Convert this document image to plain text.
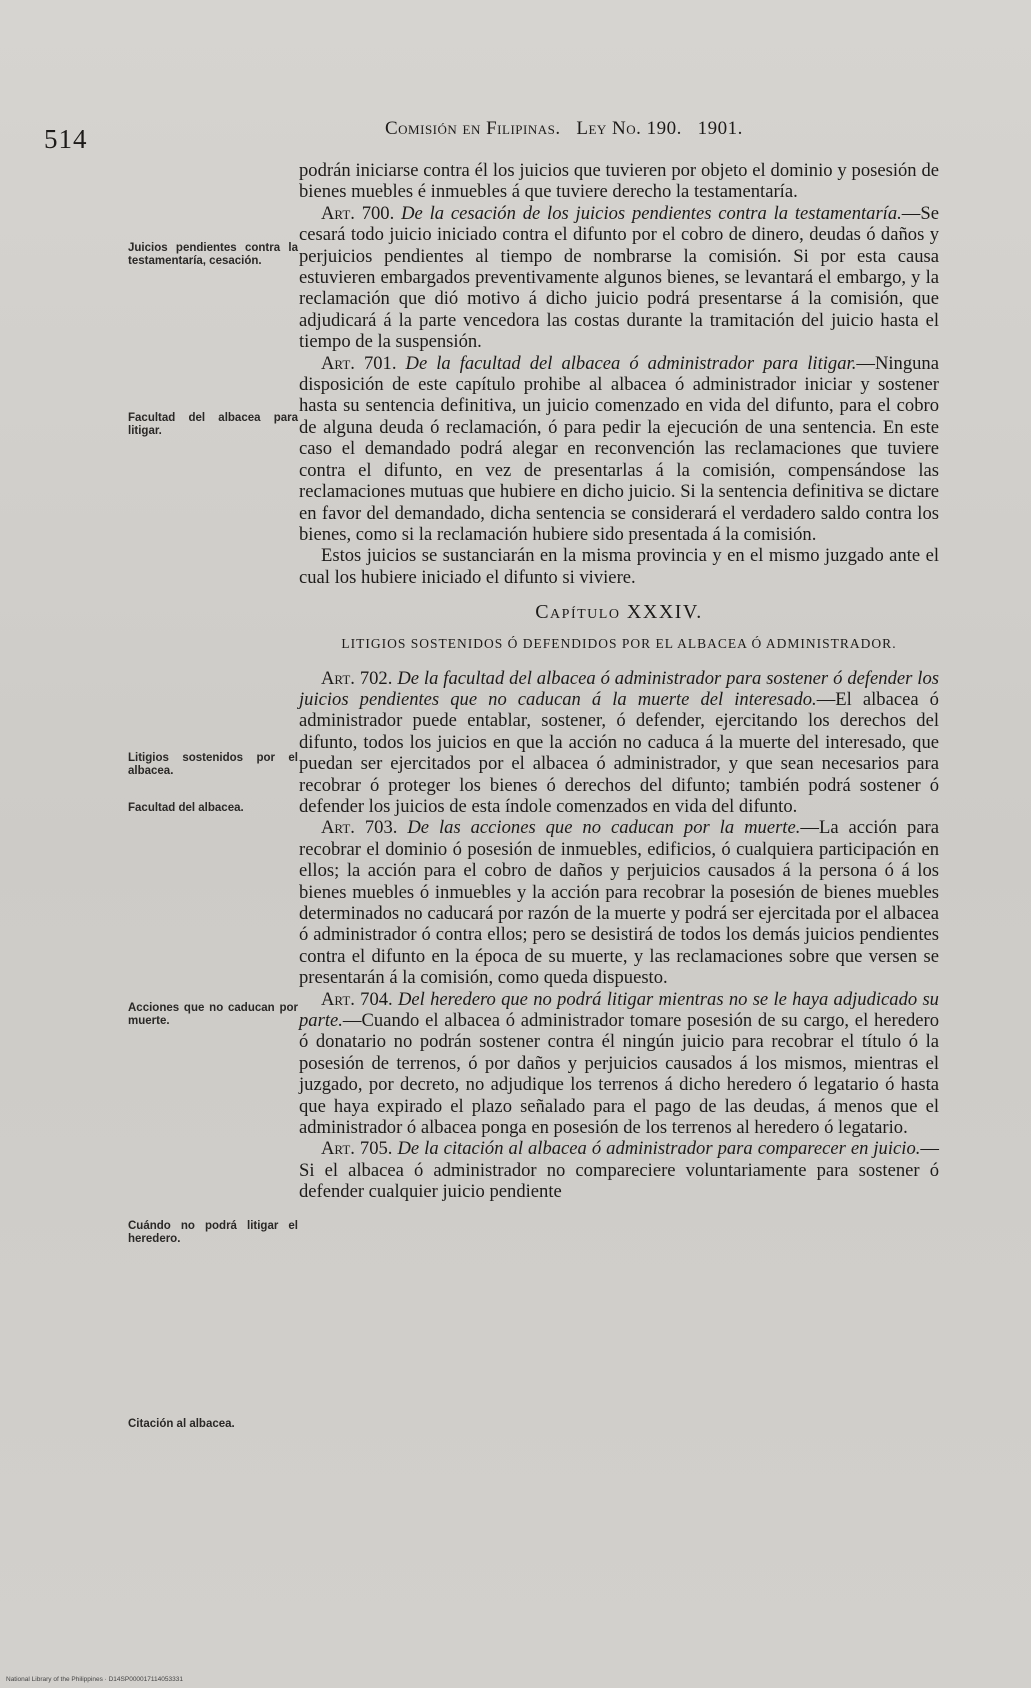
514	Comisión en Filipinas. Ley No. 190. 1901.
Juicios pendientes contra la testamentaría, cesación.
Facultad del albacea para litigar.
Litigios sostenidos por el albacea.
Facultad del albacea.
Acciones que no caducan por muerte.
Cuándo no podrá litigar el heredero.
Citación al albacea.

podrán iniciarse contra él los juicios que tuvieren por objeto el dominio y posesión de bienes muebles é inmuebles á que tuviere derecho la testamentaría.

Art. 700. De la cesación de los juicios pendientes contra la testamentaría.—Se cesará todo juicio iniciado contra el difunto por el cobro de dinero, deudas ó daños y perjuicios pendientes al tiempo de nombrarse la comisión. Si por esta causa estuvieren embargados preventivamente algunos bienes, se levantará el embargo, y la reclamación que dió motivo á dicho juicio podrá presentarse á la comisión, que adjudicará á la parte vencedora las costas durante la tramitación del juicio hasta el tiempo de la suspensión.

Art. 701. De la facultad del albacea ó administrador para litigar.—Ninguna disposición de este capítulo prohibe al albacea ó administrador iniciar y sostener hasta su sentencia definitiva, un juicio comenzado en vida del difunto, para el cobro de alguna deuda ó reclamación, ó para pedir la ejecución de una sentencia. En este caso el demandado podrá alegar en reconvención las reclamaciones que tuviere contra el difunto, en vez de presentarlas á la comisión, compensándose las reclamaciones mutuas que hubiere en dicho juicio. Si la sentencia definitiva se dictare en favor del demandado, dicha sentencia se considerará el verdadero saldo contra los bienes, como si la reclamación hubiere sido presentada á la comisión.

Estos juicios se sustanciarán en la misma provincia y en el mismo juzgado ante el cual los hubiere iniciado el difunto si viviere.

Capítulo XXXIV.
LITIGIOS SOSTENIDOS Ó DEFENDIDOS POR EL ALBACEA Ó ADMINISTRADOR.

Art. 702. De la facultad del albacea ó administrador para sostener ó defender los juicios pendientes que no caducan á la muerte del interesado.—El albacea ó administrador puede entablar, sostener, ó defender, ejercitando los derechos del difunto, todos los juicios en que la acción no caduca á la muerte del interesado, que puedan ser ejercitados por el albacea ó administrador, y que sean necesarios para recobrar ó proteger los bienes ó derechos del difunto; también podrá sostener ó defender los juicios de esta índole comenzados en vida del difunto.

Art. 703. De las acciones que no caducan por la muerte.—La acción para recobrar el dominio ó posesión de inmuebles, edificios, ó cualquiera participación en ellos; la acción para el cobro de daños y perjuicios causados á la persona ó á los bienes muebles ó inmuebles y la acción para recobrar la posesión de bienes muebles determinados no caducará por razón de la muerte y podrá ser ejercitada por el albacea ó administrador ó contra ellos; pero se desistirá de todos los demás juicios pendientes contra el difunto en la época de su muerte, y las reclamaciones sobre que versen se presentarán á la comisión, como queda dispuesto.

Art. 704. Del heredero que no podrá litigar mientras no se le haya adjudicado su parte.—Cuando el albacea ó administrador tomare posesión de su cargo, el heredero ó donatario no podrán sostener contra él ningún juicio para recobrar el título ó la posesión de terrenos, ó por daños y perjuicios causados á los mismos, mientras el juzgado, por decreto, no adjudique los terrenos á dicho heredero ó legatario ó hasta que haya expirado el plazo señalado para el pago de las deudas, á menos que el administrador ó albacea ponga en posesión de los terrenos al heredero ó legatario.

Art. 705. De la citación al albacea ó administrador para comparecer en juicio.—Si el albacea ó administrador no compareciere voluntariamente para sostener ó defender cualquier juicio pendiente

National Library of the Philippines · D14SP000017114053331
